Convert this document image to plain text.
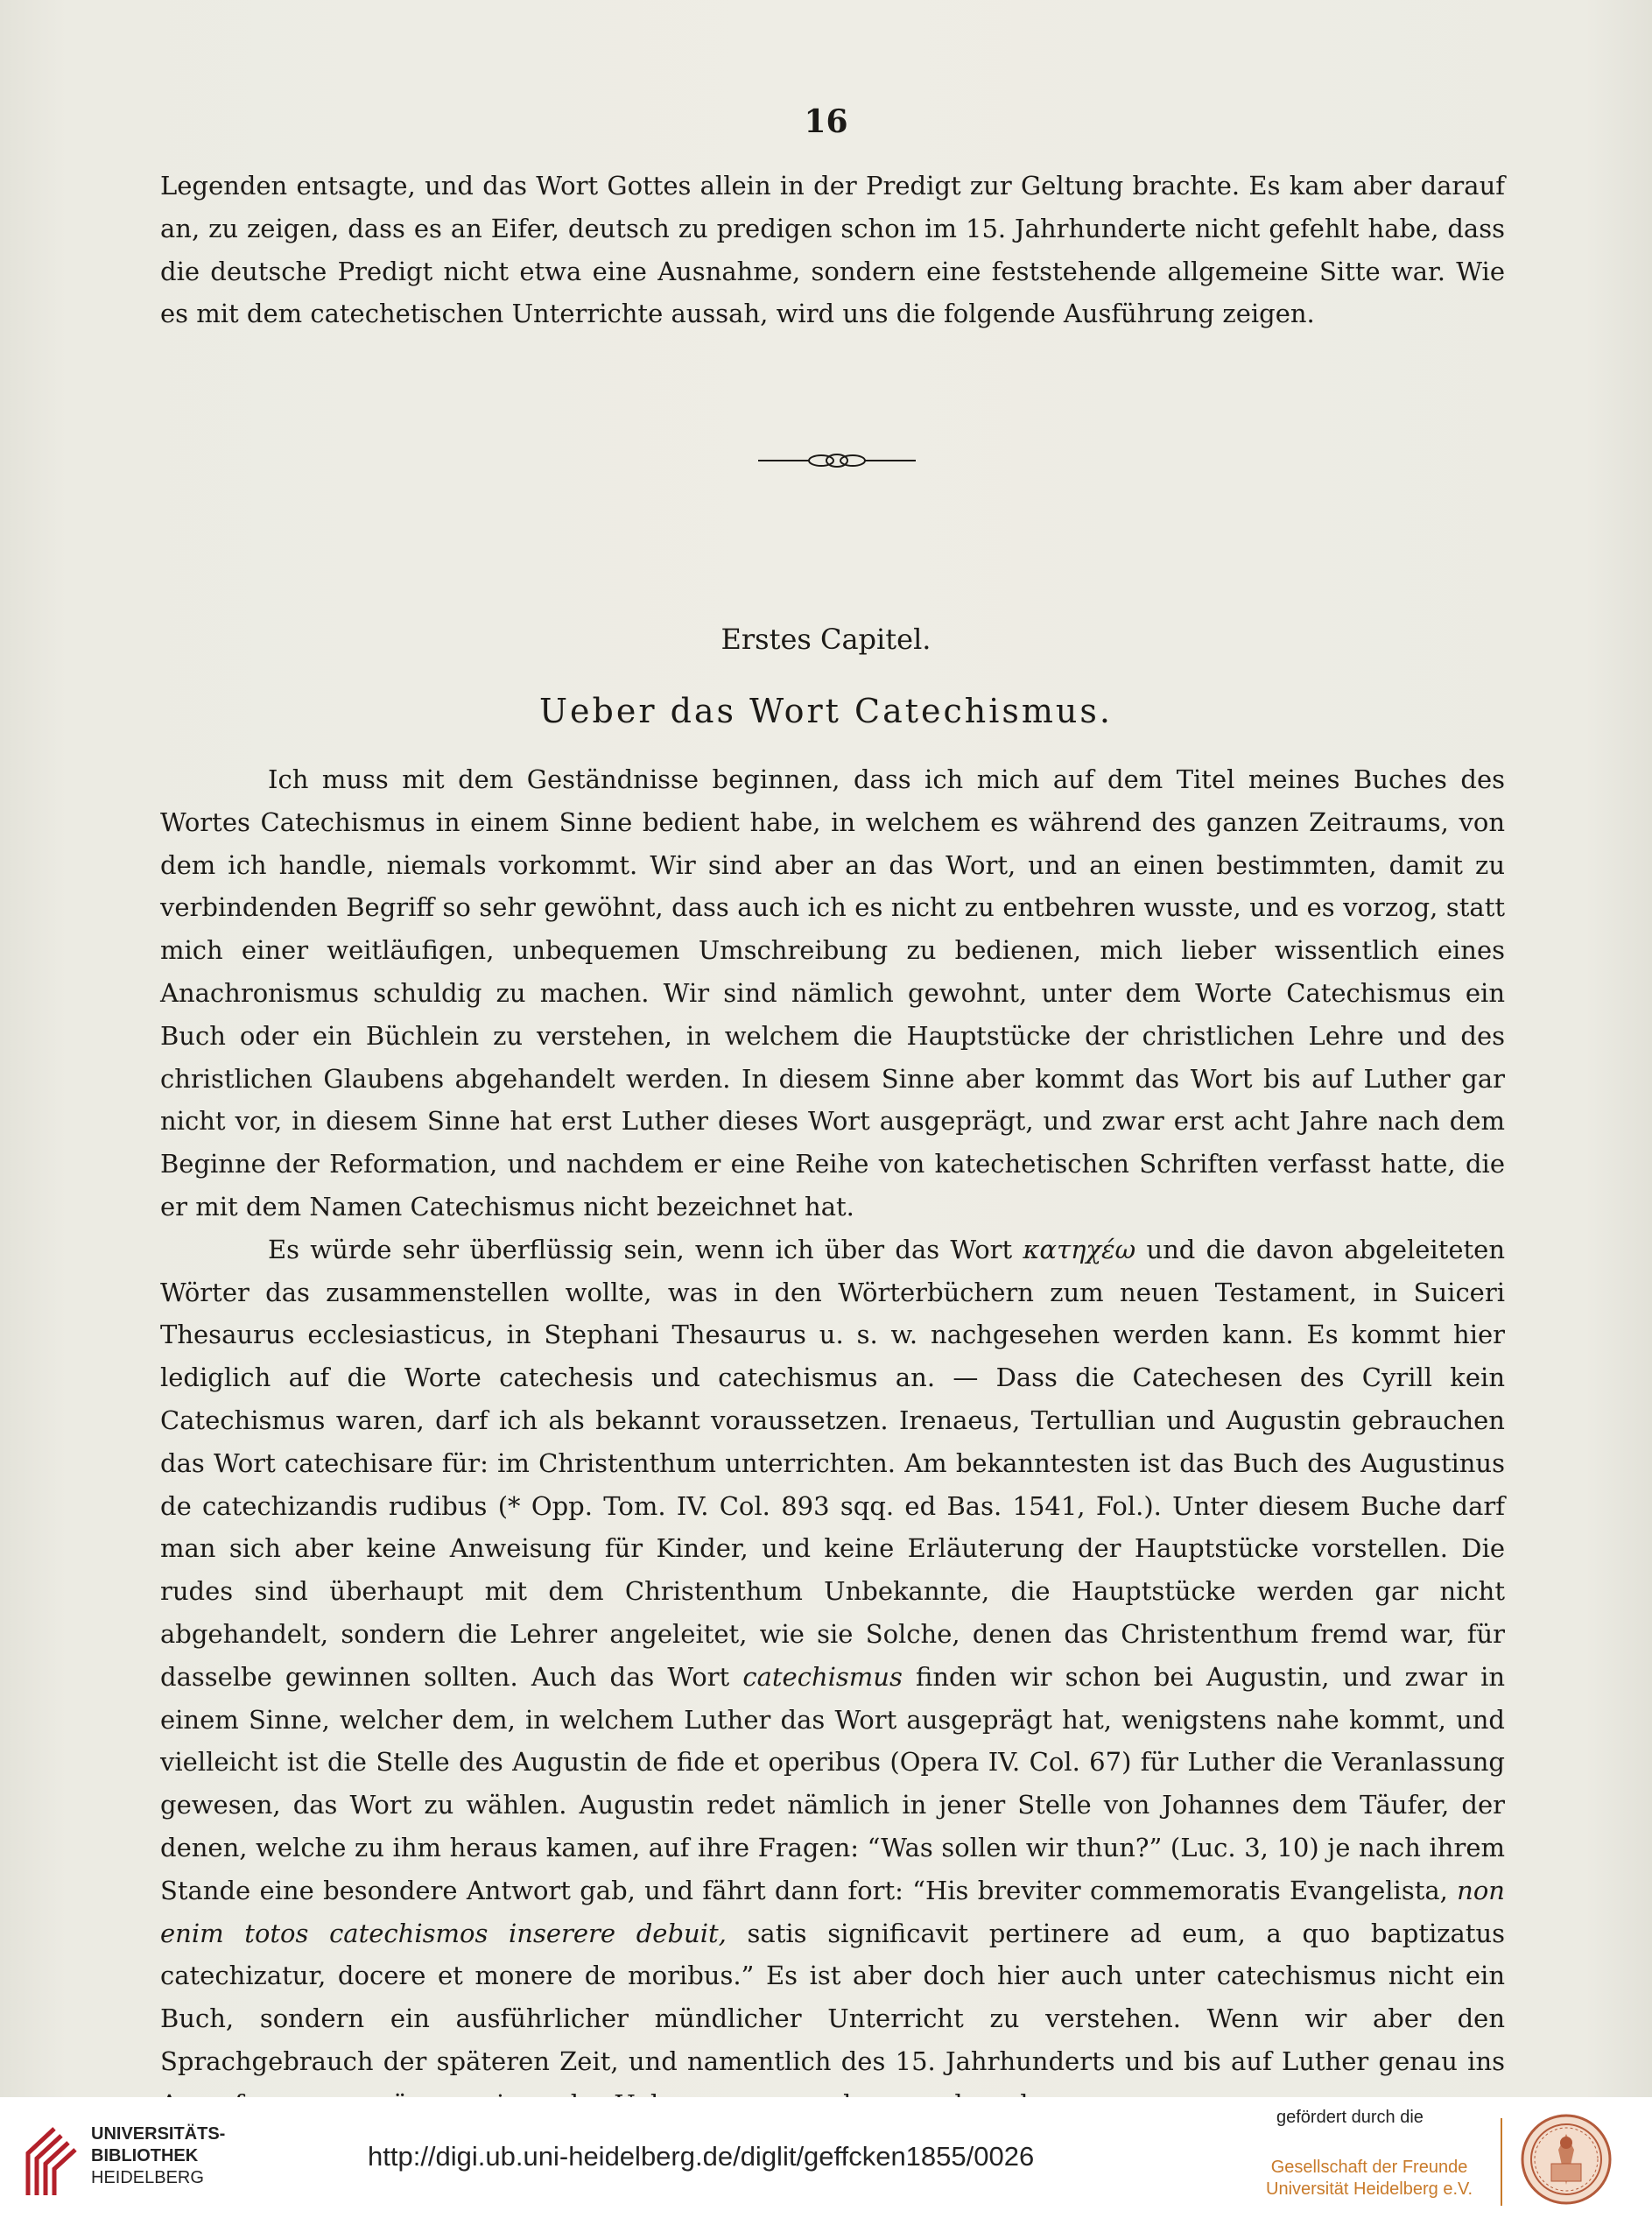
16

Legenden entsagte, und das Wort Gottes allein in der Predigt zur Geltung brachte. Es kam aber darauf an, zu zeigen, dass es an Eifer, deutsch zu predigen schon im 15. Jahrhunderte nicht gefehlt habe, dass die deutsche Predigt nicht etwa eine Ausnahme, sondern eine feststehende allgemeine Sitte war. Wie es mit dem catechetischen Unterrichte aussah, wird uns die folgende Ausführung zeigen.

Erstes Capitel.
Ueber das Wort Catechismus.

Ich muss mit dem Geständnisse beginnen, dass ich mich auf dem Titel meines Buches des Wortes Catechismus in einem Sinne bedient habe, in welchem es während des ganzen Zeitraums, von dem ich handle, niemals vorkommt. Wir sind aber an das Wort, und an einen bestimmten, damit zu verbindenden Begriff so sehr gewöhnt, dass auch ich es nicht zu entbehren wusste, und es vorzog, statt mich einer weitläufigen, unbequemen Umschreibung zu bedienen, mich lieber wissentlich eines Anachronismus schuldig zu machen. Wir sind nämlich gewohnt, unter dem Worte Catechismus ein Buch oder ein Büchlein zu verstehen, in welchem die Hauptstücke der christlichen Lehre und des christlichen Glaubens abgehandelt werden. In diesem Sinne aber kommt das Wort bis auf Luther gar nicht vor, in diesem Sinne hat erst Luther dieses Wort ausgeprägt, und zwar erst acht Jahre nach dem Beginne der Reformation, und nachdem er eine Reihe von katechetischen Schriften verfasst hatte, die er mit dem Namen Catechismus nicht bezeichnet hat.

Es würde sehr überflüssig sein, wenn ich über das Wort κατηχέω und die davon abgeleiteten Wörter das zusammenstellen wollte, was in den Wörterbüchern zum neuen Testament, in Suiceri Thesaurus ecclesiasticus, in Stephani Thesaurus u. s. w. nachgesehen werden kann. Es kommt hier lediglich auf die Worte catechesis und catechismus an. — Dass die Catechesen des Cyrill kein Catechismus waren, darf ich als bekannt voraussetzen. Irenaeus, Tertullian und Augustin gebrauchen das Wort catechisare für: im Christenthum unterrichten. Am bekanntesten ist das Buch des Augustinus de catechizandis rudibus (* Opp. Tom. IV. Col. 893 sqq. ed Bas. 1541, Fol.). Unter diesem Buche darf man sich aber keine Anweisung für Kinder, und keine Erläuterung der Hauptstücke vorstellen. Die rudes sind überhaupt mit dem Christenthum Unbekannte, die Hauptstücke werden gar nicht abgehandelt, sondern die Lehrer angeleitet, wie sie Solche, denen das Christenthum fremd war, für dasselbe gewinnen sollten. Auch das Wort catechismus finden wir schon bei Augustin, und zwar in einem Sinne, welcher dem, in welchem Luther das Wort ausgeprägt hat, wenigstens nahe kommt, und vielleicht ist die Stelle des Augustin de fide et operibus (Opera IV. Col. 67) für Luther die Veranlassung gewesen, das Wort zu wählen. Augustin redet nämlich in jener Stelle von Johannes dem Täufer, der denen, welche zu ihm heraus kamen, auf ihre Fragen: “Was sollen wir thun?” (Luc. 3, 10) je nach ihrem Stande eine besondere Antwort gab, und fährt dann fort: “His breviter commemoratis Evangelista, non enim totos catechismos inserere debuit, satis significavit pertinere ad eum, a quo baptizatus catechizatur, docere et monere de moribus.” Es ist aber doch hier auch unter catechismus nicht ein Buch, sondern ein ausführlicher mündlicher Unterricht zu verstehen. Wenn wir aber den Sprachgebrauch der späteren Zeit, und namentlich des 15. Jahrhunderts und bis auf Luther genau ins

UNIVERSITÄTS-
BIBLIOTHEK
HEIDELBERG
http://digi.ub.uni-heidelberg.de/diglit/geffcken1855/0026
gefördert durch die
Gesellschaft der Freunde
Universität Heidelberg e.V.
